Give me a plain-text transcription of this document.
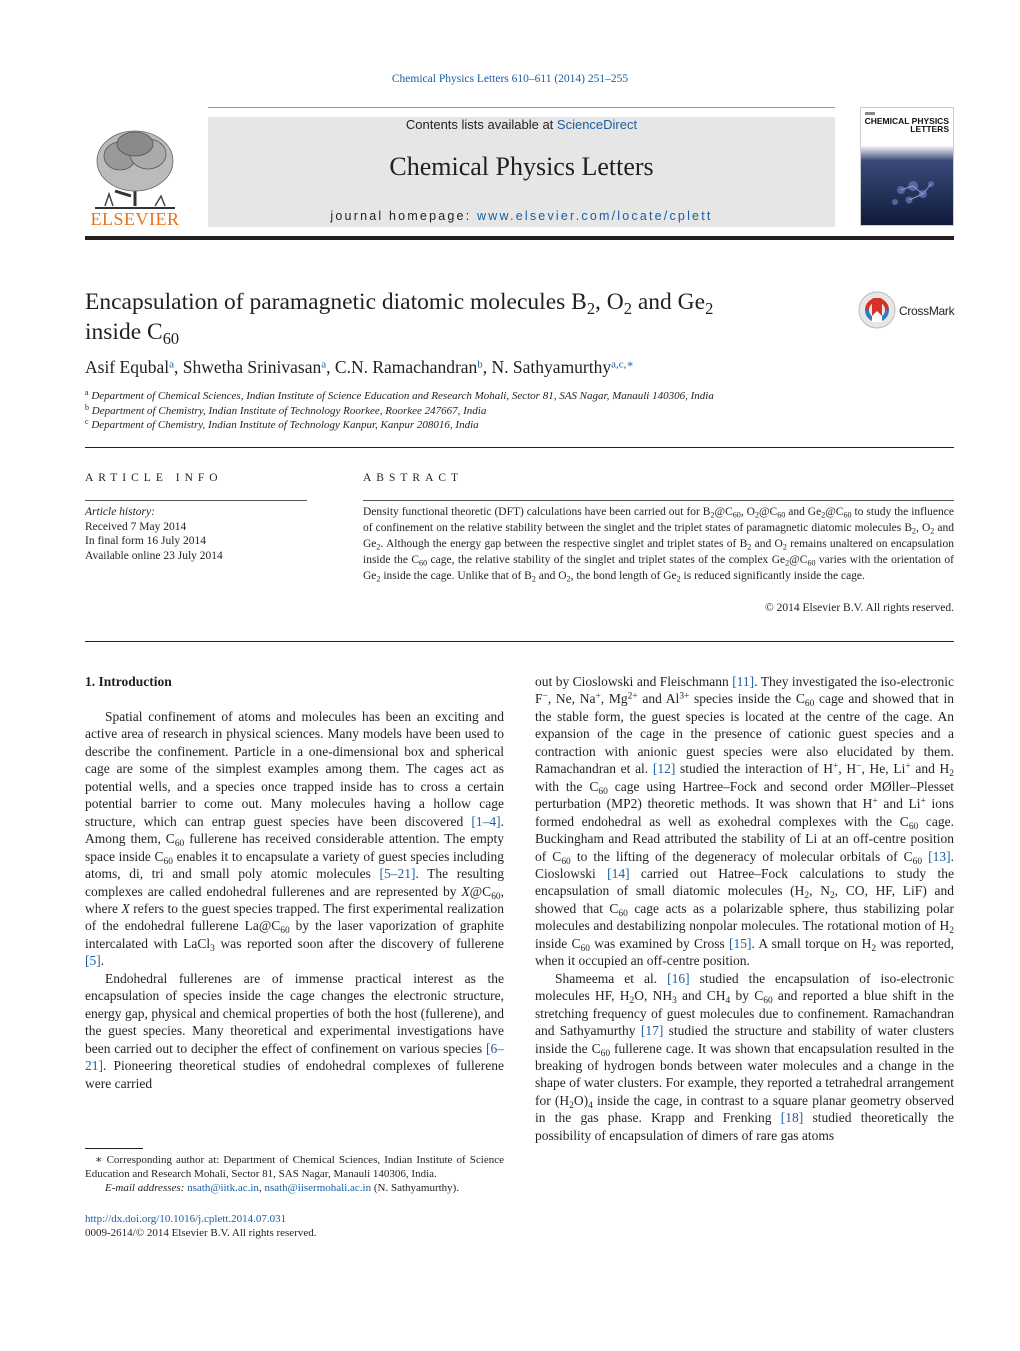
Chemical Physics Letters 610–611 (2014) 251–255
ELSEVIER
Contents lists available at ScienceDirect
Chemical Physics Letters
journal homepage: www.elsevier.com/locate/cplett
CHEMICAL PHYSICS LETTERS
Encapsulation of paramagnetic diatomic molecules $B_2$, $O_2$ and $Ge_2$
inside $C_{60}$
CrossMark
Asif Equbal$^a$, Shwetha Srinivasan$^a$, C.N. Ramachandran$^b$, N. Sathyamurthy$^{a,c,∗}$
$^a$ Department of Chemical Sciences, Indian Institute of Science Education and Research Mohali, Sector 81, SAS Nagar, Manauli 140306, India
$^b$ Department of Chemistry, Indian Institute of Technology Roorkee, Roorkee 247667, India
$^c$ Department of Chemistry, Indian Institute of Technology Kanpur, Kanpur 208016, India
ARTICLE INFO
Article history:
Received 7 May 2014
In final form 16 July 2014
Available online 23 July 2014
ABSTRACT
Density functional theoretic (DFT) calculations have been carried out for $B_2@C_{60}$, $O_2@C_{60}$ and $Ge_2@C_{60}$ to study the influence of confinement on the relative stability between the singlet and the triplet states of paramagnetic diatomic molecules $B_2$, $O_2$ and $Ge_2$. Although the energy gap between the respective singlet and triplet states of $B_2$ and $O_2$ remains unaltered on encapsulation inside the $C_{60}$ cage, the relative stability of the singlet and triplet states of the complex $Ge_2@C_{60}$ varies with the orientation of $Ge_2$ inside the cage. Unlike that of $B_2$ and $O_2$, the bond length of $Ge_2$ is reduced significantly inside the cage.
© 2014 Elsevier B.V. All rights reserved.
1. Introduction

Spatial confinement of atoms and molecules has been an exciting and active area of research in physical sciences. Many models have been used to describe the confinement. Particle in a one-dimensional box and spherical cage are some of the simplest examples among them. The cages act as potential wells, and a species once trapped inside has to cross a certain potential barrier to come out. Many molecules having a hollow cage structure, which can entrap guest species have been discovered [1–4]. Among them, $C_{60}$ fullerene has received considerable attention. The empty space inside $C_{60}$ enables it to encapsulate a variety of guest species including atoms, di, tri and small poly atomic molecules [5–21]. The resulting complexes are called endohedral fullerenes and are represented by $X@C_{60}$, where X refers to the guest species trapped. The first experimental realization of the endohedral fullerene $La@C_{60}$ by the laser vaporization of graphite intercalated with LaCl$_3$ was reported soon after the discovery of fullerene [5].

Endohedral fullerenes are of immense practical interest as the encapsulation of species inside the cage changes the electronic structure, energy gap, physical and chemical properties of both the host (fullerene), and the guest species. Many theoretical and experimental investigations have been carried out to decipher the effect of confinement on various species [6–21]. Pioneering theoretical studies of endohedral complexes of fullerene were carried

out by Cioslowski and Fleischmann [11]. They investigated the iso-electronic F−, Ne, Na+, $Mg^{2+}$ and $Al^{3+}$ species inside the $C_{60}$ cage and showed that in the stable form, the guest species is located at the centre of the cage. An expansion of the cage in the presence of cationic guest species and a contraction with anionic guest species were also elucidated by them. Ramachandran et al. [12] studied the interaction of H+, H−, He, Li+ and $H_2$ with the $C_{60}$ cage using Hartree–Fock and second order MØller–Plesset perturbation (MP2) theoretic methods. It was shown that H+ and Li+ ions formed endohedral as well as exohedral complexes with the $C_{60}$ cage. Buckingham and Read attributed the stability of Li at an off-centre position of $C_{60}$ to the lifting of the degeneracy of molecular orbitals of $C_{60}$ [13]. Cioslowski [14] carried out Hatree–Fock calculations to study the encapsulation of small diatomic molecules ($H_2$, $N_2$, CO, HF, LiF) and showed that $C_{60}$ cage acts as a polarizable sphere, thus stabilizing polar molecules and destabilizing nonpolar molecules. The rotational motion of $H_2$ inside $C_{60}$ was examined by Cross [15]. A small torque on $H_2$ was reported, when it occupied an off-centre position.

Shameema et al. [16] studied the encapsulation of iso-electronic molecules HF, $H_2O$, $NH_3$ and $CH_4$ by $C_{60}$ and reported a blue shift in the stretching frequency of guest molecules due to confinement. Ramachandran and Sathyamurthy [17] studied the structure and stability of water clusters inside the $C_{60}$ fullerene cage. It was shown that encapsulation resulted in the breaking of hydrogen bonds between water molecules and a change in the shape of water clusters. For example, they reported a tetrahedral arrangement for $(H_2O)_4$ inside the cage, in contrast to a square planar geometry observed in the gas phase. Krapp and Frenking [18] studied theoretically the possibility of encapsulation of dimers of rare gas atoms

∗ Corresponding author at: Department of Chemical Sciences, Indian Institute of Science Education and Research Mohali, Sector 81, SAS Nagar, Manauli 140306, India.
E-mail addresses: nsath@iitk.ac.in, nsath@iisermohali.ac.in (N. Sathyamurthy).
http://dx.doi.org/10.1016/j.cplett.2014.07.031
0009-2614/© 2014 Elsevier B.V. All rights reserved.
